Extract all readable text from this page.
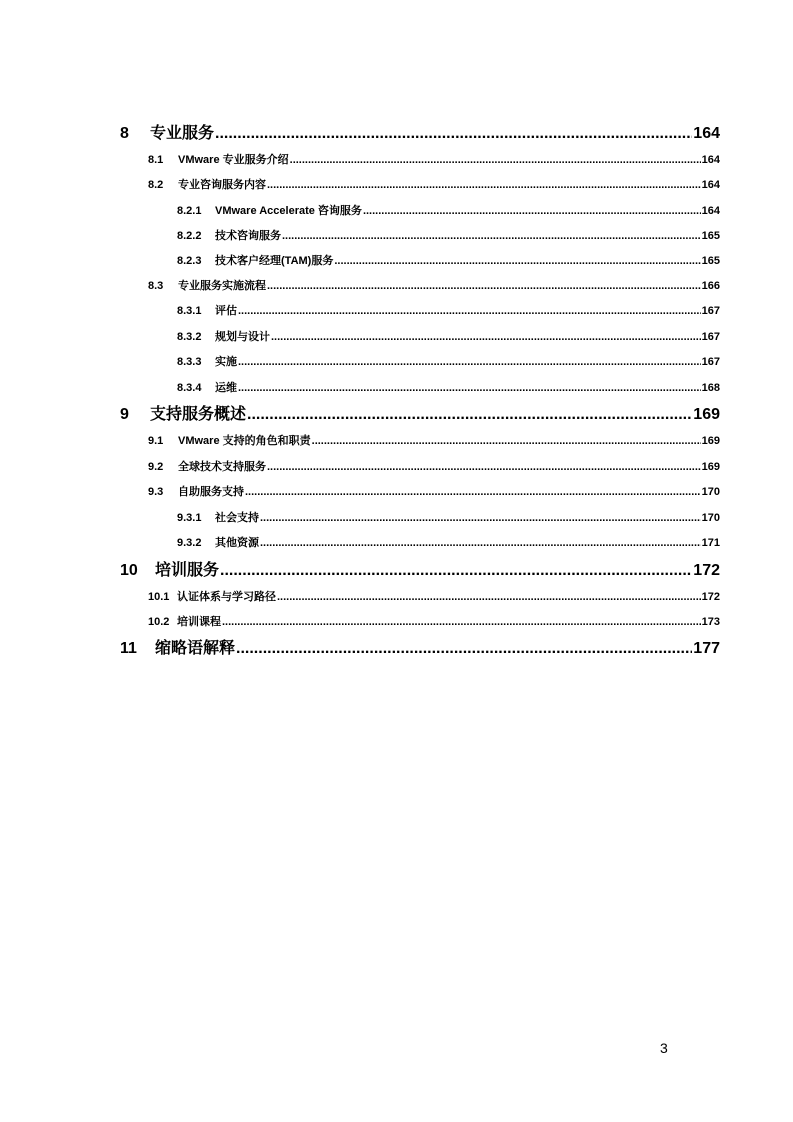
8	专业服务 .....	164
8.1	VMware 专业服务介绍 .....	164
8.2	专业咨询服务内容 .....	164
8.2.1	VMware Accelerate 咨询服务 .....	164
8.2.2	技术咨询服务 .....	165
8.2.3	技术客户经理(TAM)服务 .....	165
8.3	专业服务实施流程 .....	166
8.3.1	评估 .....	167
8.3.2	规划与设计 .....	167
8.3.3	实施 .....	167
8.3.4	运维 .....	168
9	支持服务概述 .....	169
9.1	VMware 支持的角色和职责 .....	169
9.2	全球技术支持服务 .....	169
9.3	自助服务支持 .....	170
9.3.1	社会支持 .....	170
9.3.2	其他资源 .....	171
10	培训服务 .....	172
10.1 认证体系与学习路径 .....	172
10.2 培训课程 .....	173
11	缩略语解释 .....	177
3
